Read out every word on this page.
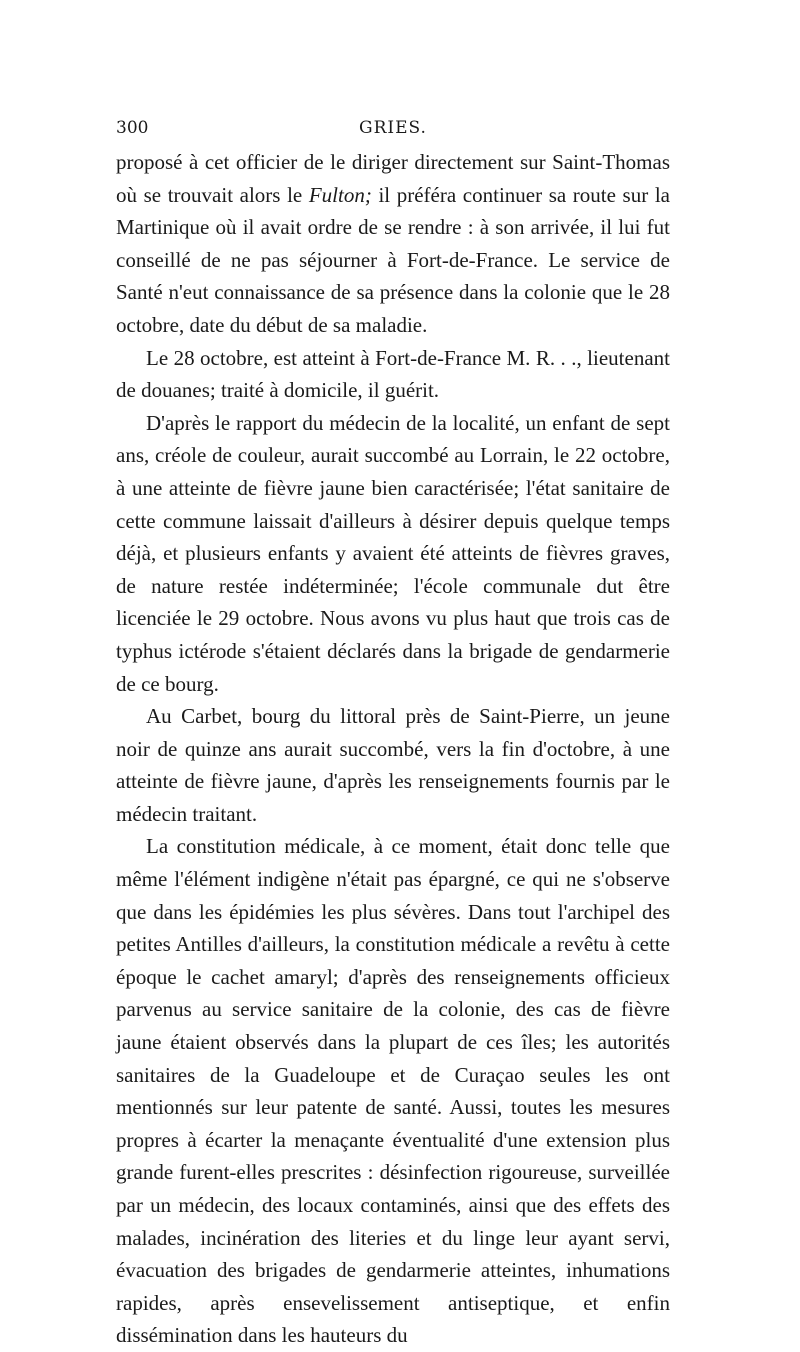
300	GRIES.

proposé à cet officier de le diriger directement sur Saint-Thomas où se trouvait alors le Fulton; il préféra continuer sa route sur la Martinique où il avait ordre de se rendre : à son arrivée, il lui fut conseillé de ne pas séjourner à Fort-de-France. Le service de Santé n'eut connaissance de sa présence dans la colonie que le 28 octobre, date du début de sa maladie.

Le 28 octobre, est atteint à Fort-de-France M. R. . ., lieutenant de douanes; traité à domicile, il guérit.

D'après le rapport du médecin de la localité, un enfant de sept ans, créole de couleur, aurait succombé au Lorrain, le 22 octobre, à une atteinte de fièvre jaune bien caractérisée; l'état sanitaire de cette commune laissait d'ailleurs à désirer depuis quelque temps déjà, et plusieurs enfants y avaient été atteints de fièvres graves, de nature restée indéterminée; l'école communale dut être licenciée le 29 octobre. Nous avons vu plus haut que trois cas de typhus ictérode s'étaient déclarés dans la brigade de gendarmerie de ce bourg.

Au Carbet, bourg du littoral près de Saint-Pierre, un jeune noir de quinze ans aurait succombé, vers la fin d'octobre, à une atteinte de fièvre jaune, d'après les renseignements fournis par le médecin traitant.

La constitution médicale, à ce moment, était donc telle que même l'élément indigène n'était pas épargné, ce qui ne s'observe que dans les épidémies les plus sévères. Dans tout l'archipel des petites Antilles d'ailleurs, la constitution médicale a revêtu à cette époque le cachet amaryl; d'après des renseignements officieux parvenus au service sanitaire de la colonie, des cas de fièvre jaune étaient observés dans la plupart de ces îles; les autorités sanitaires de la Guadeloupe et de Curaçao seules les ont mentionnés sur leur patente de santé. Aussi, toutes les mesures propres à écarter la menaçante éventualité d'une extension plus grande furent-elles prescrites : désinfection rigoureuse, surveillée par un médecin, des locaux contaminés, ainsi que des effets des malades, incinération des literies et du linge leur ayant servi, évacuation des brigades de gendarmerie atteintes, inhumations rapides, après ensevelissement antiseptique, et enfin dissémination dans les hauteurs du
